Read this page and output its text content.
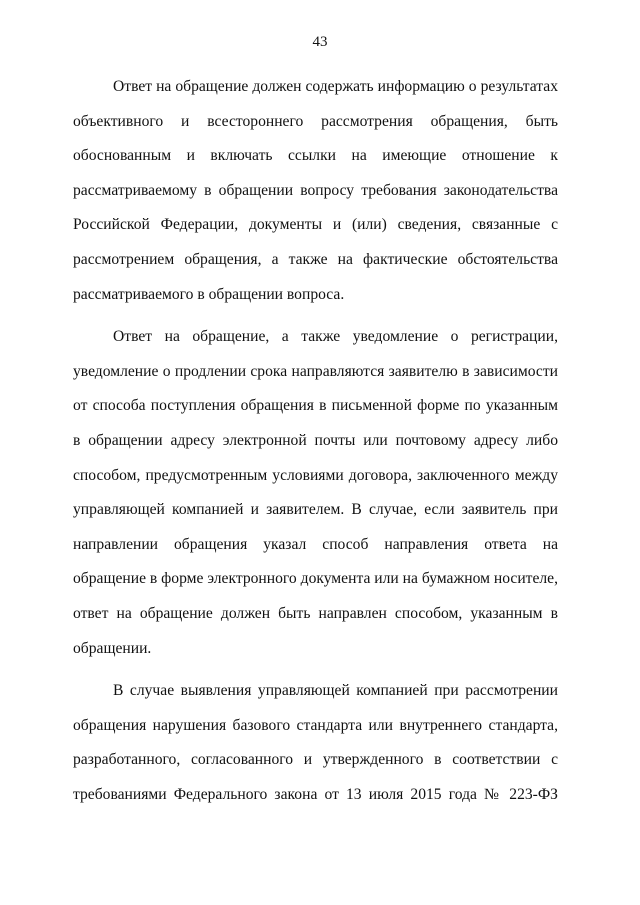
43

Ответ на обращение должен содержать информацию о результатах объективного и всестороннего рассмотрения обращения, быть обоснованным и включать ссылки на имеющие отношение к рассматриваемому в обращении вопросу требования законодательства Российской Федерации, документы и (или) сведения, связанные с рассмотрением обращения, а также на фактические обстоятельства рассматриваемого в обращении вопроса.

Ответ на обращение, а также уведомление о регистрации, уведомление о продлении срока направляются заявителю в зависимости от способа поступления обращения в письменной форме по указанным в обращении адресу электронной почты или почтовому адресу либо способом, предусмотренным условиями договора, заключенного между управляющей компанией и заявителем. В случае, если заявитель при направлении обращения указал способ направления ответа на обращение в форме электронного документа или на бумажном носителе, ответ на обращение должен быть направлен способом, указанным в обращении.

В случае выявления управляющей компанией при рассмотрении обращения нарушения базового стандарта или внутреннего стандарта, разработанного, согласованного и утвержденного в соответствии с требованиями Федерального закона от 13 июля 2015 года № 223-ФЗ
